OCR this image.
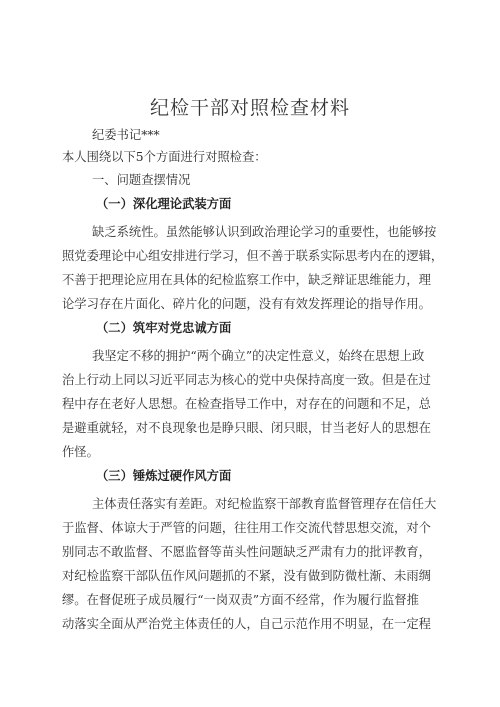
纪检干部对照检查材料
纪委书记***
本人围绕以下5个方面进行对照检查：
一、问题查摆情况
（一）深化理论武装方面
缺乏系统性。虽然能够认识到政治理论学习的重要性，也能够按
照党委理论中心组安排进行学习，但不善于联系实际思考内在的逻辑，
不善于把理论应用在具体的纪检监察工作中，缺乏辩证思维能力，理
论学习存在片面化、碎片化的问题，没有有效发挥理论的指导作用。
（二）筑牢对党忠诚方面
我坚定不移的拥护“两个确立”的决定性意义，始终在思想上政
治上行动上同以习近平同志为核心的党中央保持高度一致。但是在过
程中存在老好人思想。在检查指导工作中，对存在的问题和不足，总
是避重就轻，对不良现象也是睁只眼、闭只眼，甘当老好人的思想在
作怪。
（三）锤炼过硬作风方面
主体责任落实有差距。对纪检监察干部教育监督管理存在信任大
于监督、体谅大于严管的问题，往往用工作交流代替思想交流，对个
别同志不敢监督、不愿监督等苗头性问题缺乏严肃有力的批评教育，
对纪检监察干部队伍作风问题抓的不紧，没有做到防微杜渐、未雨绸
缪。在督促班子成员履行“一岗双责”方面不经常，作为履行监督推
动落实全面从严治党主体责任的人，自己示范作用不明显，在一定程
